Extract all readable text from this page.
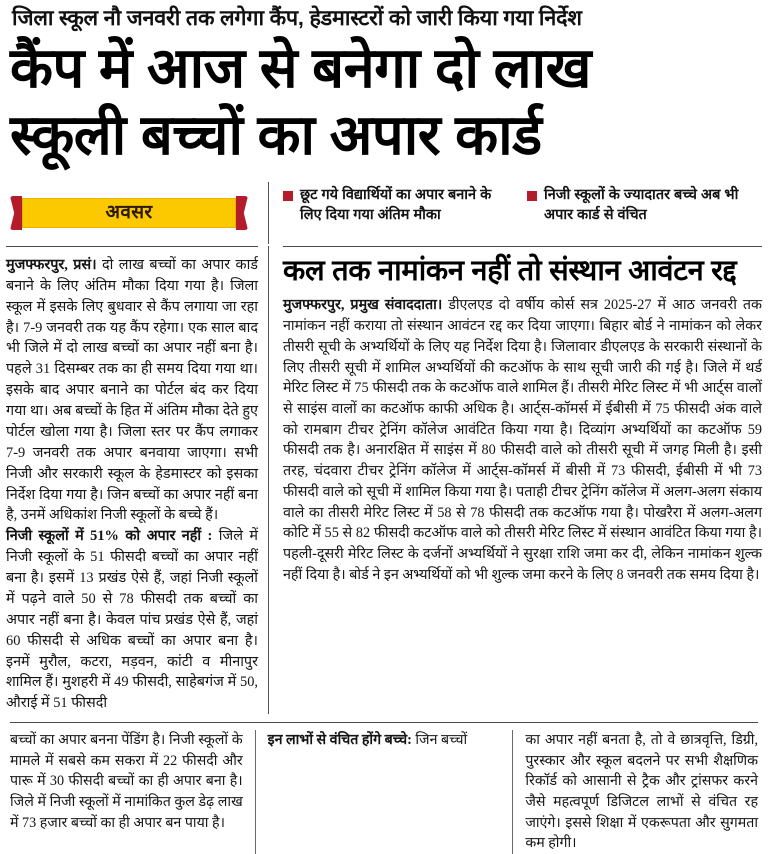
जिला स्कूल नौ जनवरी तक लगेगा कैंप, हेडमास्टरों को जारी किया गया निर्देश
कैंप में आज से बनेगा दो लाख
स्कूली बच्चों का अपार कार्ड
अवसर
छूट गये विद्यार्थियों का अपार बनाने के लिए दिया गया अंतिम मौका
निजी स्कूलों के ज्यादातर बच्चे अब भी अपार कार्ड से वंचित

मुजफ्फरपुर, प्रसं। दो लाख बच्चों का अपार कार्ड बनाने के लिए अंतिम मौका दिया गया है। जिला स्कूल में इसके लिए बुधवार से कैंप लगाया जा रहा है। 7-9 जनवरी तक यह कैंप रहेगा। एक साल बाद भी जिले में दो लाख बच्चों का अपार नहीं बना है। पहले 31 दिसम्बर तक का ही समय दिया गया था। इसके बाद अपार बनाने का पोर्टल बंद कर दिया गया था। अब बच्चों के हित में अंतिम मौका देते हुए पोर्टल खोला गया है। जिला स्तर पर कैंप लगाकर 7-9 जनवरी तक अपार बनवाया जाएगा। सभी निजी और सरकारी स्कूल के हेडमास्टर को इसका निर्देश दिया गया है। जिन बच्चों का अपार नहीं बना है, उनमें अधिकांश निजी स्कूलों के बच्चे हैं।

निजी स्कूलों में 51% को अपार नहीं : जिले में निजी स्कूलों के 51 फीसदी बच्चों का अपार नहीं बना है। इसमें 13 प्रखंड ऐसे हैं, जहां निजी स्कूलों में पढ़ने वाले 50 से 78 फीसदी तक बच्चों का अपार नहीं बना है। केवल पांच प्रखंड ऐसे हैं, जहां 60 फीसदी से अधिक बच्चों का अपार बना है। इनमें मुरौल, कटरा, मड़वन, कांटी व मीनापुर शामिल हैं। मुशहरी में 49 फीसदी, साहेबगंज में 50, औराई में 51 फीसदी

कल तक नामांकन नहीं तो संस्थान आवंटन रद्द

मुजफ्फरपुर, प्रमुख संवाददाता। डीएलएड दो वर्षीय कोर्स सत्र 2025-27 में आठ जनवरी तक नामांकन नहीं कराया तो संस्थान आवंटन रद्द कर दिया जाएगा। बिहार बोर्ड ने नामांकन को लेकर तीसरी सूची के अभ्यर्थियों के लिए यह निर्देश दिया है। जिलावार डीएलएड के सरकारी संस्थानों के लिए तीसरी सूची में शामिल अभ्यर्थियों की कटऑफ के साथ सूची जारी की गई है। जिले में थर्ड मेरिट लिस्ट में 75 फीसदी तक के कटऑफ वाले शामिल हैं। तीसरी मेरिट लिस्ट में भी आर्ट्स वालों से साइंस वालों का कटऑफ काफी अधिक है। आर्ट्स-कॉमर्स में ईबीसी में 75 फीसदी अंक वाले को रामबाग टीचर ट्रेनिंग कॉलेज आवंटित किया गया है। दिव्यांग अभ्यर्थियों का कटऑफ 59 फीसदी तक है। अनारक्षित में साइंस में 80 फीसदी वाले को तीसरी सूची में जगह मिली है। इसी तरह, चंदवारा टीचर ट्रेनिंग कॉलेज में आर्ट्स-कॉमर्स में बीसी में 73 फीसदी, ईबीसी में भी 73 फीसदी वाले को सूची में शामिल किया गया है। पताही टीचर ट्रेनिंग कॉलेज में अलग-अलग संकाय वाले का तीसरी मेरिट लिस्ट में 58 से 78 फीसदी तक कटऑफ गया है। पोखरैरा में अलग-अलग कोटि में 55 से 82 फीसदी कटऑफ वाले को तीसरी मेरिट लिस्ट में संस्थान आवंटित किया गया है। पहली-दूसरी मेरिट लिस्ट के दर्जनों अभ्यर्थियों ने सुरक्षा राशि जमा कर दी, लेकिन नामांकन शुल्क नहीं दिया है। बोर्ड ने इन अभ्यर्थियों को भी शुल्क जमा करने के लिए 8 जनवरी तक समय दिया है।

बच्चों का अपार बनना पेंडिंग है। निजी स्कूलों के मामले में सबसे कम सकरा में 22 फीसदी और पारू में 30 फीसदी बच्चों का ही अपार बना है। जिले में निजी स्कूलों में नामांकित कुल डेढ़ लाख में 73 हजार बच्चों का ही अपार बन पाया है।

इन लाभों से वंचित होंगे बच्चे: जिन बच्चों	का अपार नहीं बनता है, तो वे छात्रवृत्ति, डिग्री, पुरस्कार और स्कूल बदलने पर सभी शैक्षणिक रिकॉर्ड को आसानी से ट्रैक और ट्रांसफर करने जैसे महत्वपूर्ण डिजिटल लाभों से वंचित रह जाएंगे। इससे शिक्षा में एकरूपता और सुगमता कम होगी।
